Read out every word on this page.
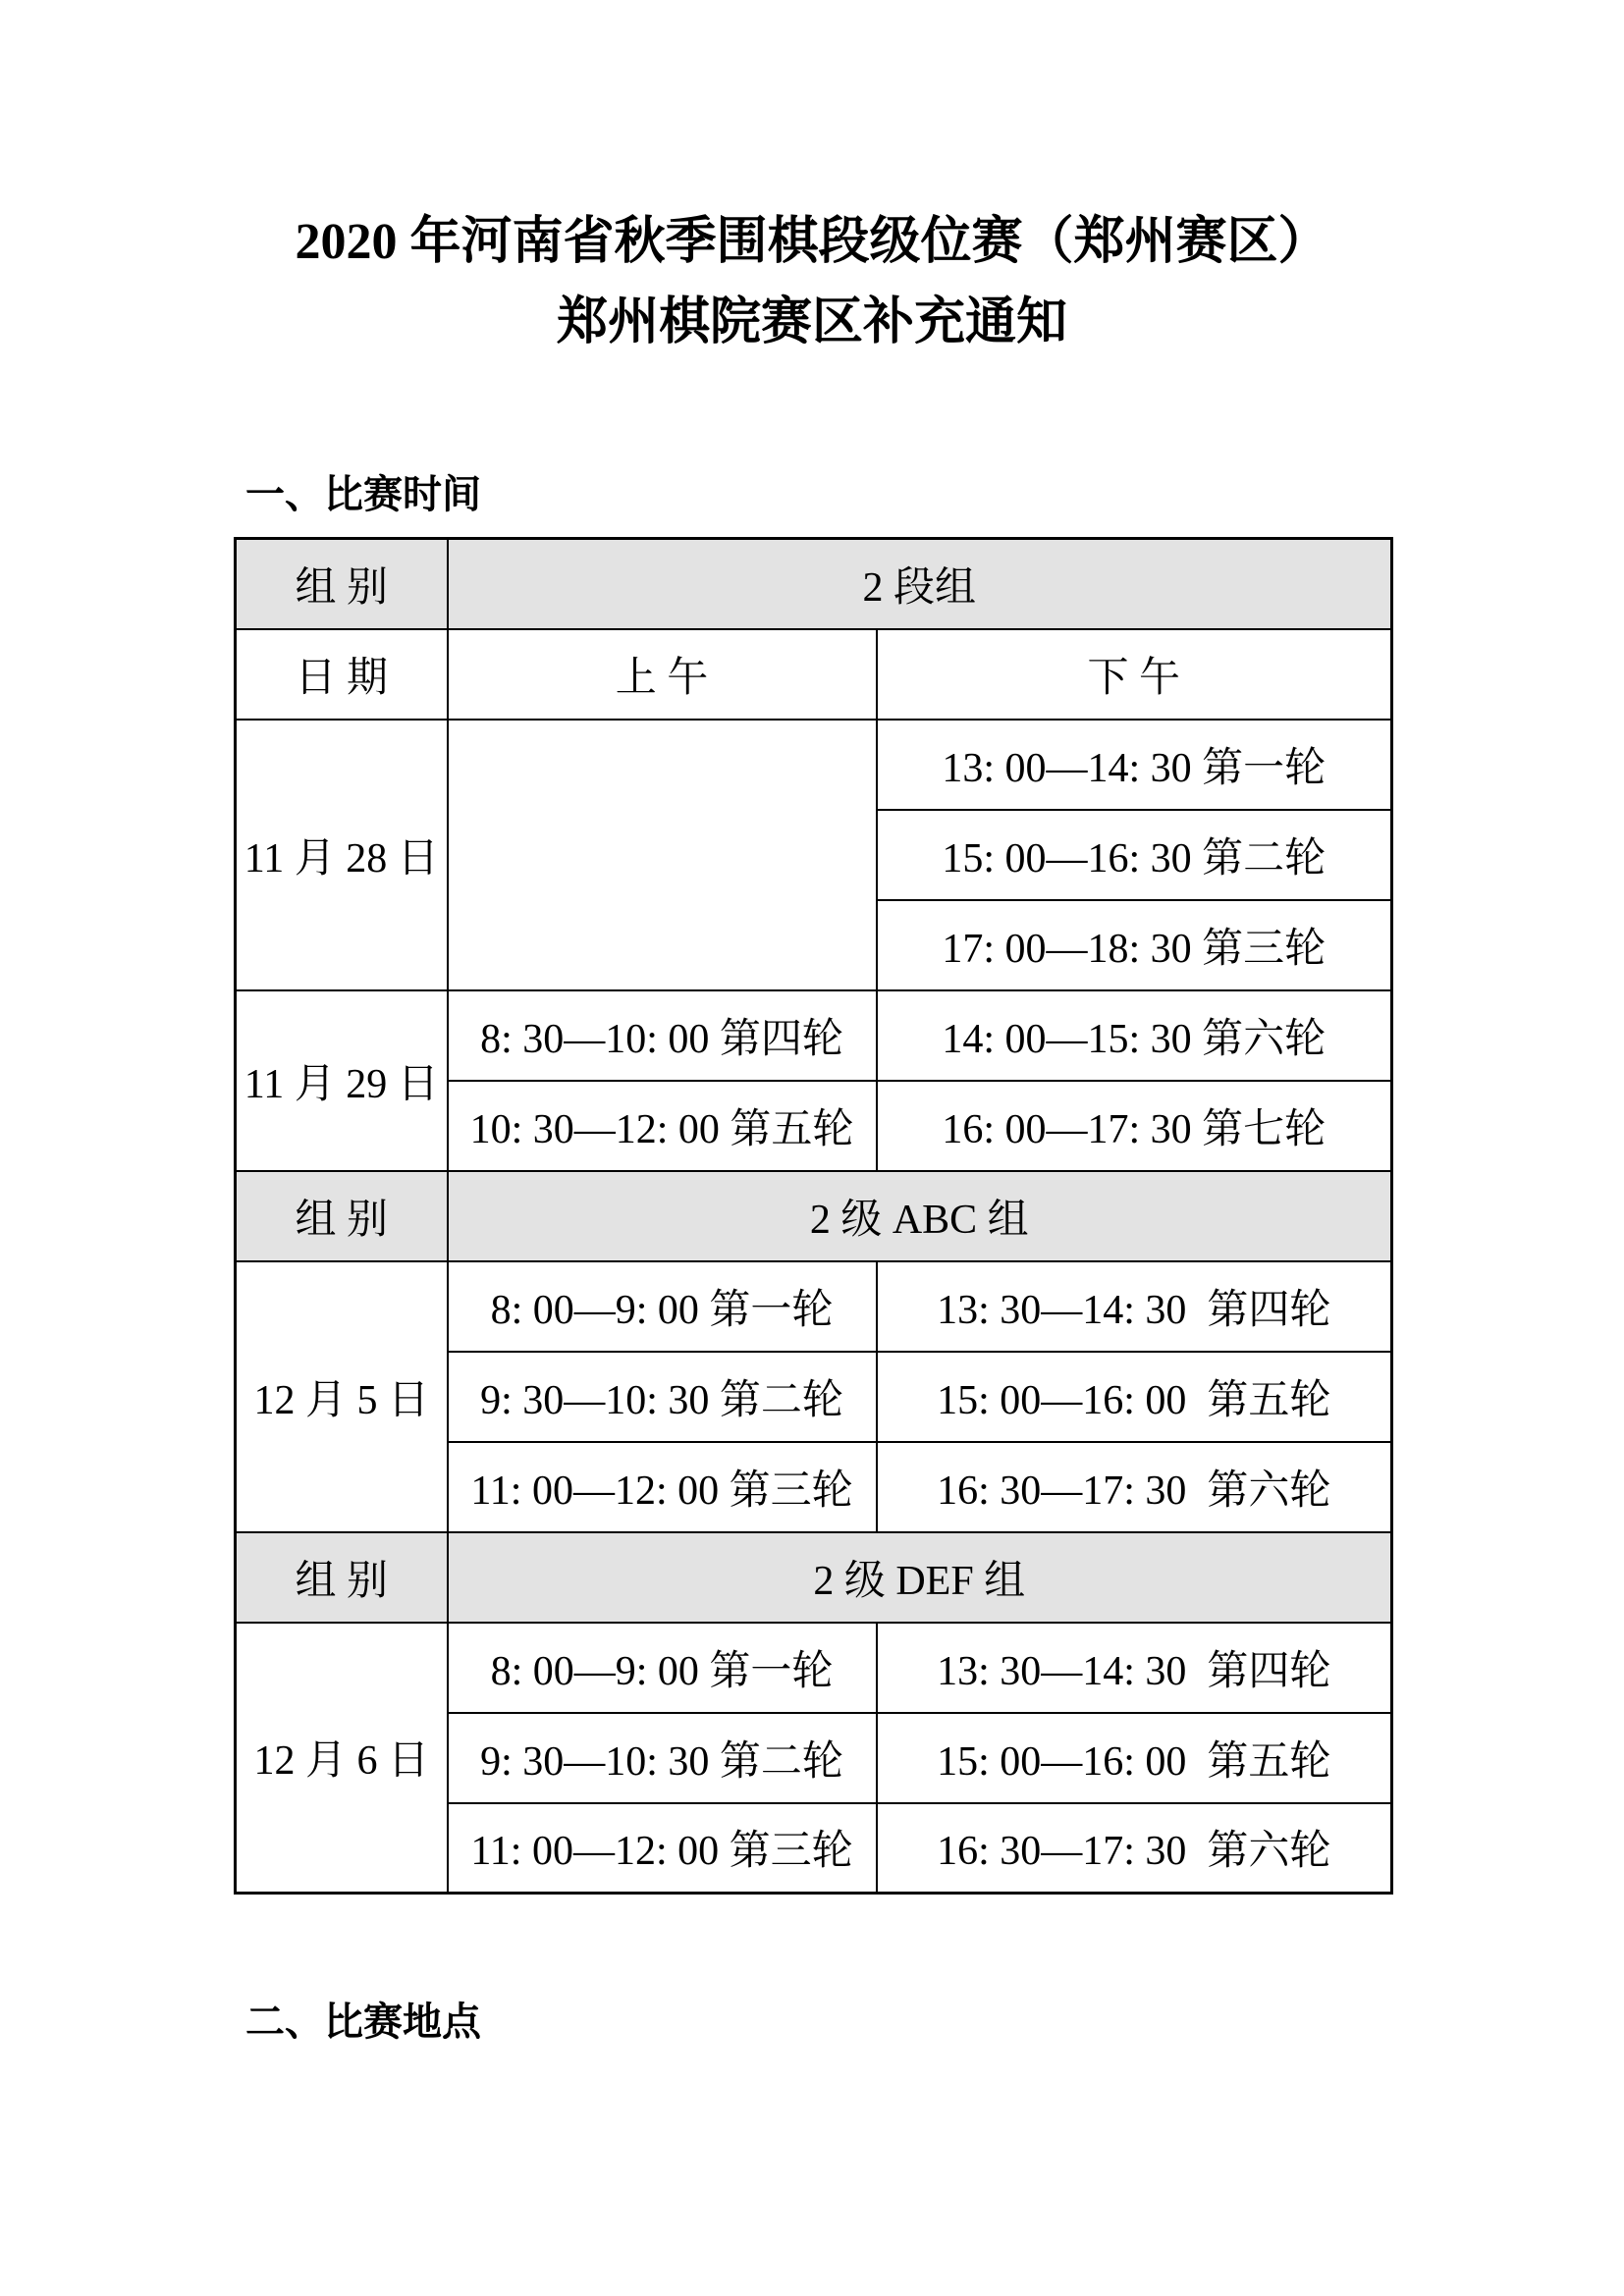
2020 年河南省秋季围棋段级位赛（郑州赛区）
郑州棋院赛区补充通知
一、比赛时间
组 别	2 段组	
日 期	上 午	下 午
11 月 28 日		13: 00—14: 30 第一轮
		15: 00—16: 30 第二轮
		17: 00—18: 30 第三轮
11 月 29 日	8: 30—10: 00 第四轮	14: 00—15: 30 第六轮
	10: 30—12: 00 第五轮	16: 00—17: 30 第七轮
组 别	2 级 ABC 组	
12 月 5 日	8: 00—9: 00 第一轮	13: 30—14: 30  第四轮
	9: 30—10: 30 第二轮	15: 00—16: 00  第五轮
	11: 00—12: 00 第三轮	16: 30—17: 30  第六轮
组 别	2 级 DEF 组	
12 月 6 日	8: 00—9: 00 第一轮	13: 30—14: 30  第四轮
	9: 30—10: 30 第二轮	15: 00—16: 00  第五轮
	11: 00—12: 00 第三轮	16: 30—17: 30  第六轮
二、比赛地点
